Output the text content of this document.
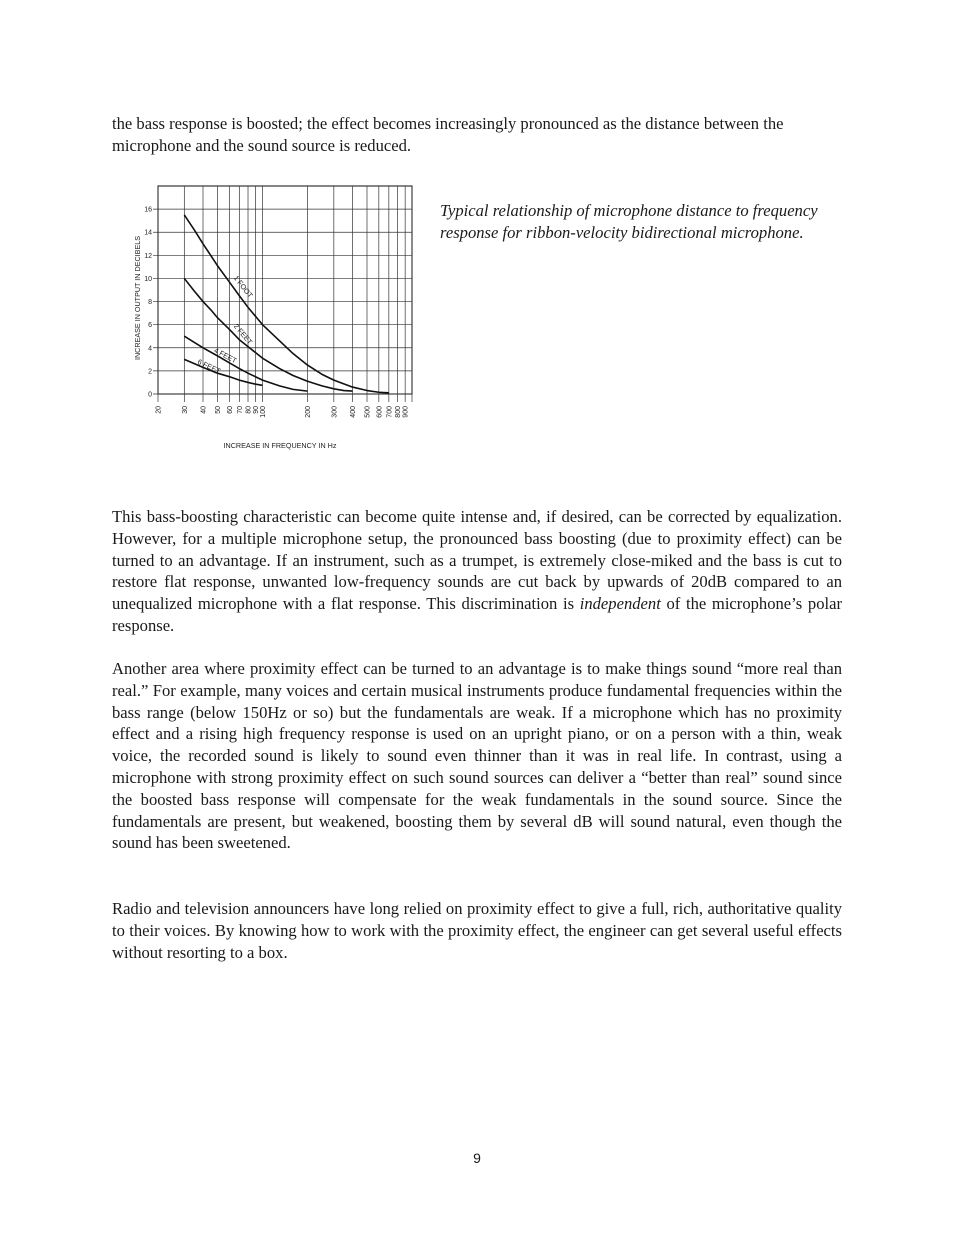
the bass response is boosted; the effect becomes increasingly pronounced as the distance between the microphone and the sound source is reduced.

20	30 40 50 60 70 80 90 100	200	300 400 500 600 700 800 900
0
2
4
6
8
10
12
14
16
1 FOOT
2 FEET
4 FEET
6 FEET
INCREASE IN FREQUENCY IN Hz
INCREASE IN OUTPUT IN DECIBELS

Typical relationship of microphone distance to frequency response for ribbon-velocity bidirectional microphone.

This bass-boosting characteristic can become quite intense and, if desired, can be corrected by equalization. However, for a multiple microphone setup, the pronounced bass boosting (due to proximity effect) can be turned to an advantage. If an instrument, such as a trumpet, is extremely close-miked and the bass is cut to restore flat response, unwanted low-frequency sounds are cut back by upwards of 20dB compared to an unequalized microphone with a flat response. This discrimination is independent of the microphone’s polar response.

Another area where proximity effect can be turned to an advantage is to make things sound “more real than real.” For example, many voices and certain musical instruments produce fundamental frequencies within the bass range (below 150Hz or so) but the fundamentals are weak. If a microphone which has no proximity effect and a rising high frequency response is used on an upright piano, or on a person with a thin, weak voice, the recorded sound is likely to sound even thinner than it was in real life. In contrast, using a microphone with strong proximity effect on such sound sources can deliver a “better than real” sound since the boosted bass response will compensate for the weak fundamentals in the sound source. Since the fundamentals are present, but weakened, boosting them by several dB will sound natural, even though the sound has been sweetened.

Radio and television announcers have long relied on proximity effect to give a full, rich, authoritative quality to their voices. By knowing how to work with the proximity effect, the engineer can get several useful effects without resorting to a box.

9
